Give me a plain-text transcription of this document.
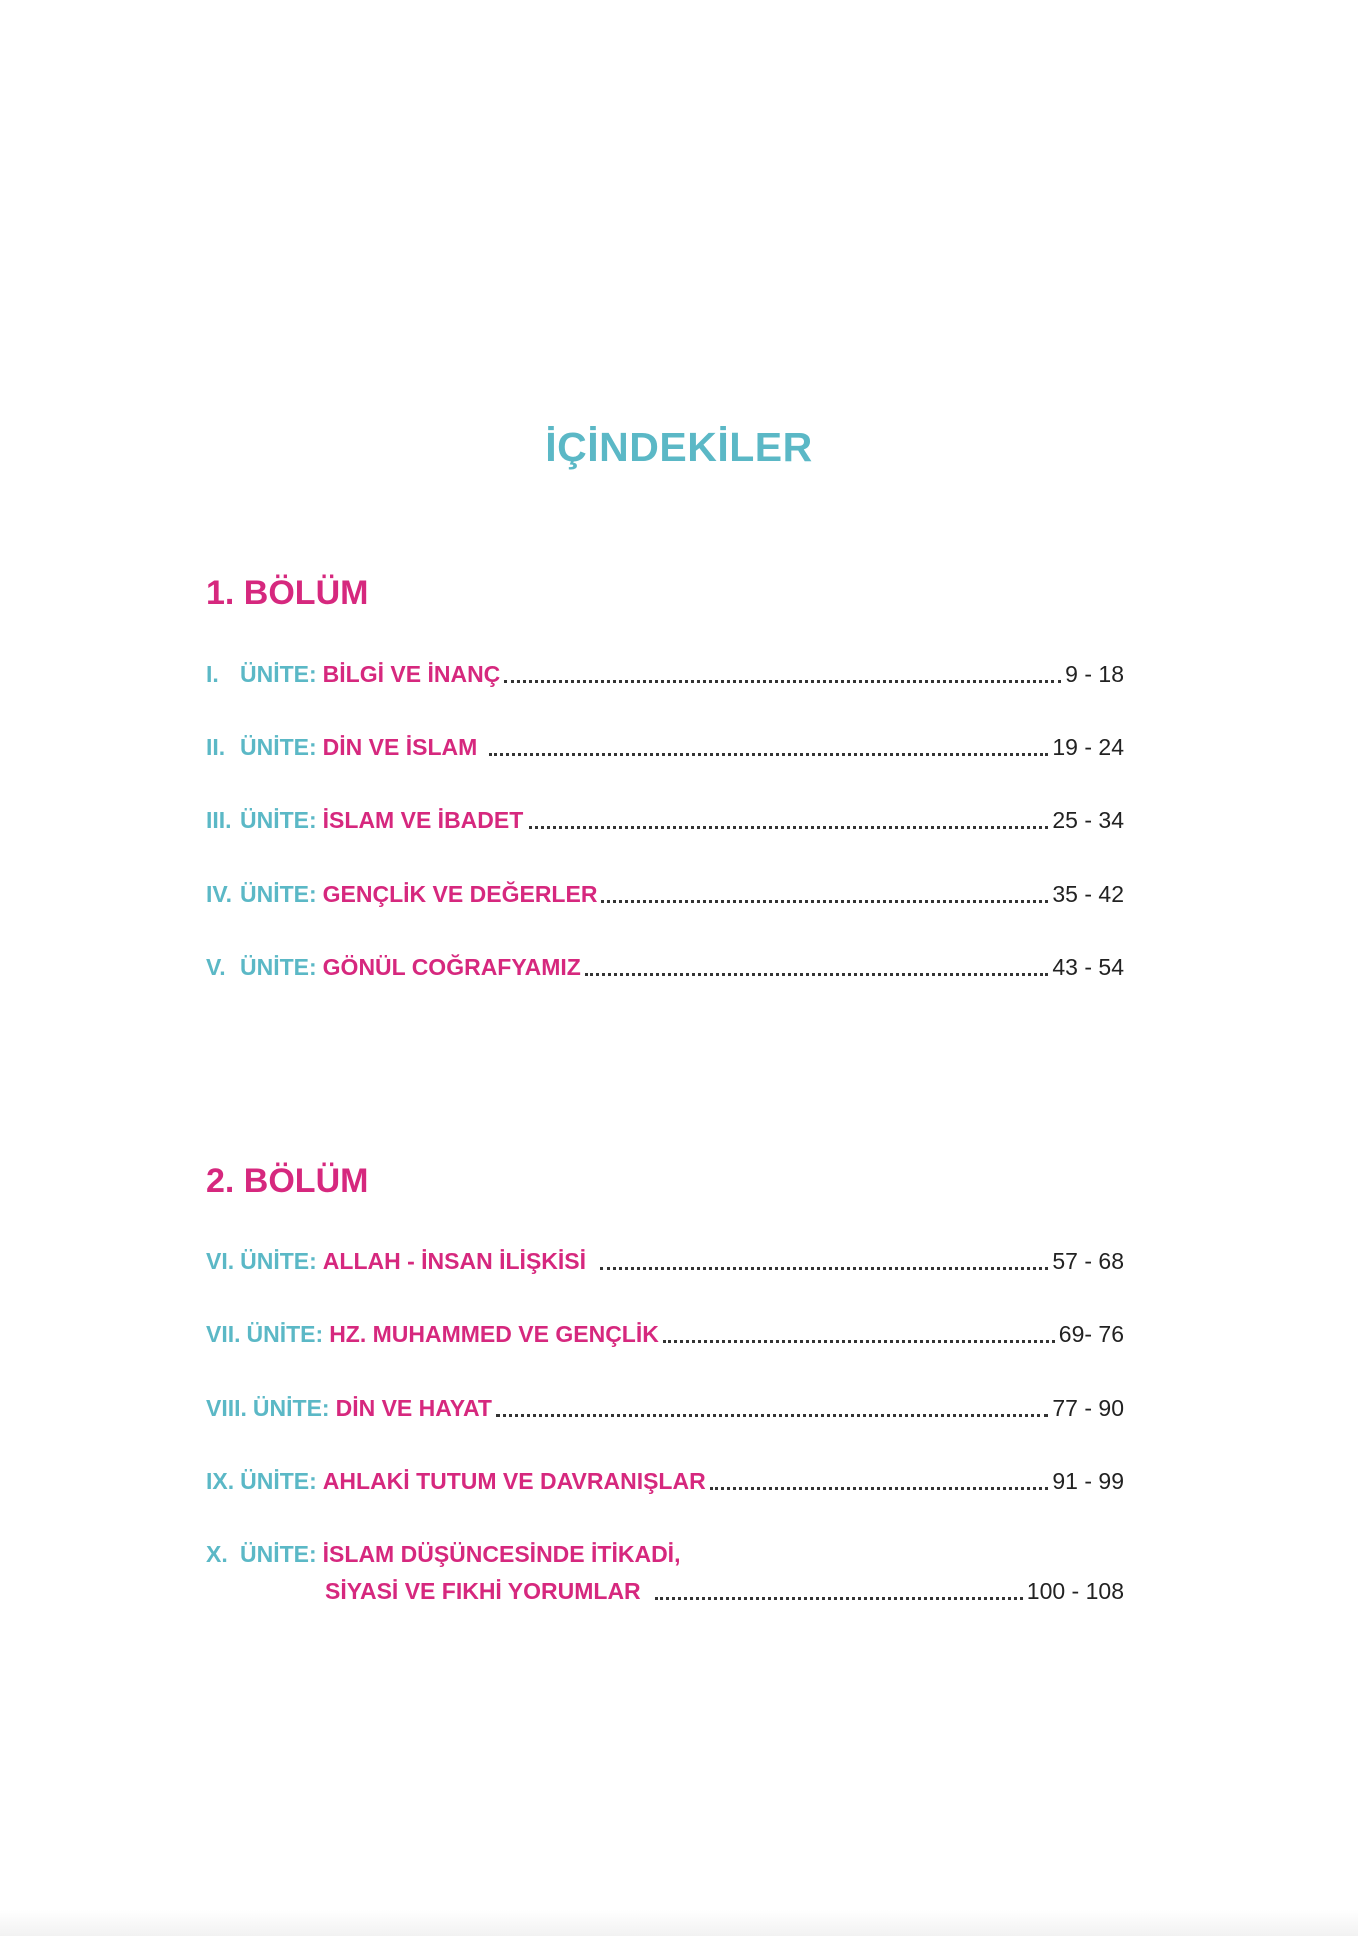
İÇİNDEKİLER
1. BÖLÜM
I. ÜNİTE: BİLGİ VE İNANÇ	9 - 18
II. ÜNİTE: DİN VE İSLAM	19 - 24
III. ÜNİTE: İSLAM VE İBADET	25 - 34
IV. ÜNİTE: GENÇLİK VE DEĞERLER	35 - 42
V. ÜNİTE: GÖNÜL COĞRAFYAMIZ	43 - 54
2. BÖLÜM
VI. ÜNİTE: ALLAH - İNSAN İLİŞKİSİ	57 - 68
VII. ÜNİTE: HZ. MUHAMMED VE GENÇLİK	69- 76
VIII. ÜNİTE: DİN VE HAYAT	77 - 90
IX. ÜNİTE: AHLAKİ TUTUM VE DAVRANIŞLAR	91 - 99
X. ÜNİTE: İSLAM DÜŞÜNCESİNDE İTİKADİ,
SİYASİ VE FIKHİ YORUMLAR	100 - 108
